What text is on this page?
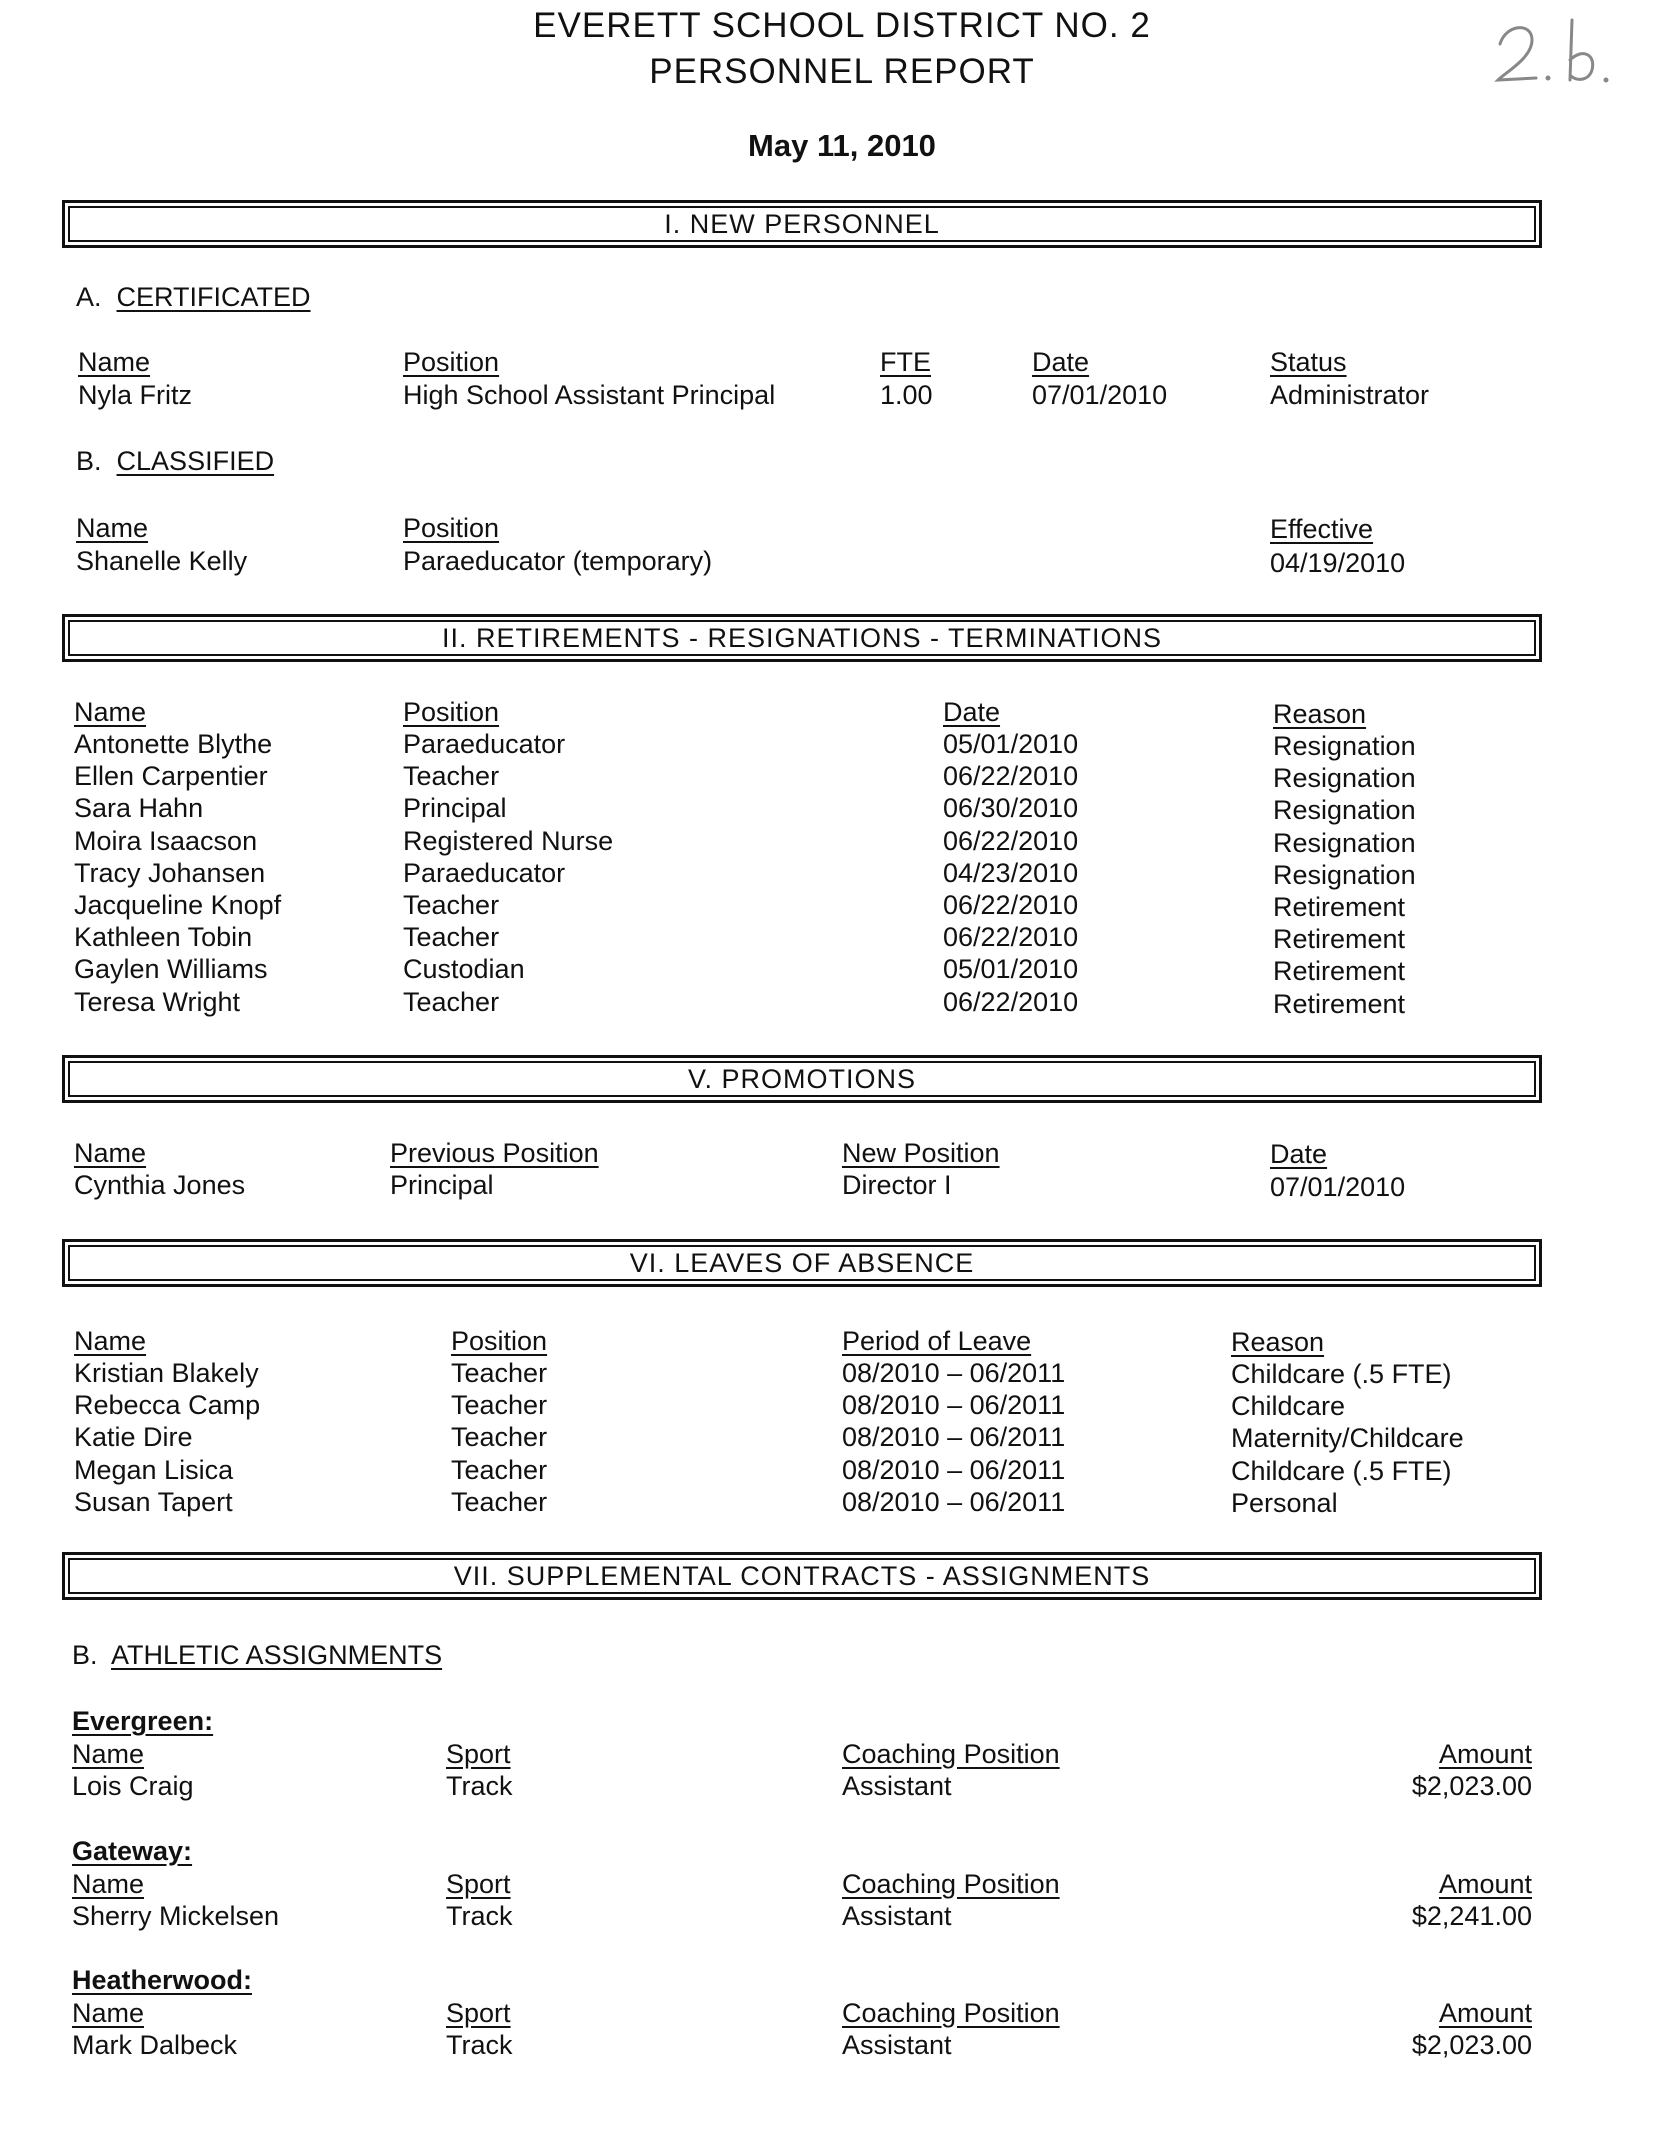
EVERETT SCHOOL DISTRICT NO. 2
PERSONNEL REPORT
May 11, 2010
I. NEW PERSONNEL
A. CERTIFICATED
Name	Position	FTE	Date	Status
Nyla Fritz	High School Assistant Principal	1.00	07/01/2010	Administrator
B. CLASSIFIED
Name	Position	Effective
Shanelle Kelly	Paraeducator (temporary)	04/19/2010
II. RETIREMENTS - RESIGNATIONS - TERMINATIONS
Name	Position	Date	Reason
Antonette Blythe	Paraeducator	05/01/2010	Resignation
Ellen Carpentier	Teacher	06/22/2010	Resignation
Sara Hahn	Principal	06/30/2010	Resignation
Moira Isaacson	Registered Nurse	06/22/2010	Resignation
Tracy Johansen	Paraeducator	04/23/2010	Resignation
Jacqueline Knopf	Teacher	06/22/2010	Retirement
Kathleen Tobin	Teacher	06/22/2010	Retirement
Gaylen Williams	Custodian	05/01/2010	Retirement
Teresa Wright	Teacher	06/22/2010	Retirement
V. PROMOTIONS
Name	Previous Position	New Position	Date
Cynthia Jones	Principal	Director I	07/01/2010
VI. LEAVES OF ABSENCE
Name	Position	Period of Leave	Reason
Kristian Blakely	Teacher	08/2010 – 06/2011	Childcare (.5 FTE)
Rebecca Camp	Teacher	08/2010 – 06/2011	Childcare
Katie Dire	Teacher	08/2010 – 06/2011	Maternity/Childcare
Megan Lisica	Teacher	08/2010 – 06/2011	Childcare (.5 FTE)
Susan Tapert	Teacher	08/2010 – 06/2011	Personal
VII. SUPPLEMENTAL CONTRACTS - ASSIGNMENTS
B. ATHLETIC ASSIGNMENTS
Evergreen:
Name	Sport	Coaching Position	Amount
Lois Craig	Track	Assistant	$2,023.00
Gateway:
Name	Sport	Coaching Position	Amount
Sherry Mickelsen	Track	Assistant	$2,241.00
Heatherwood:
Name	Sport	Coaching Position	Amount
Mark Dalbeck	Track	Assistant	$2,023.00
